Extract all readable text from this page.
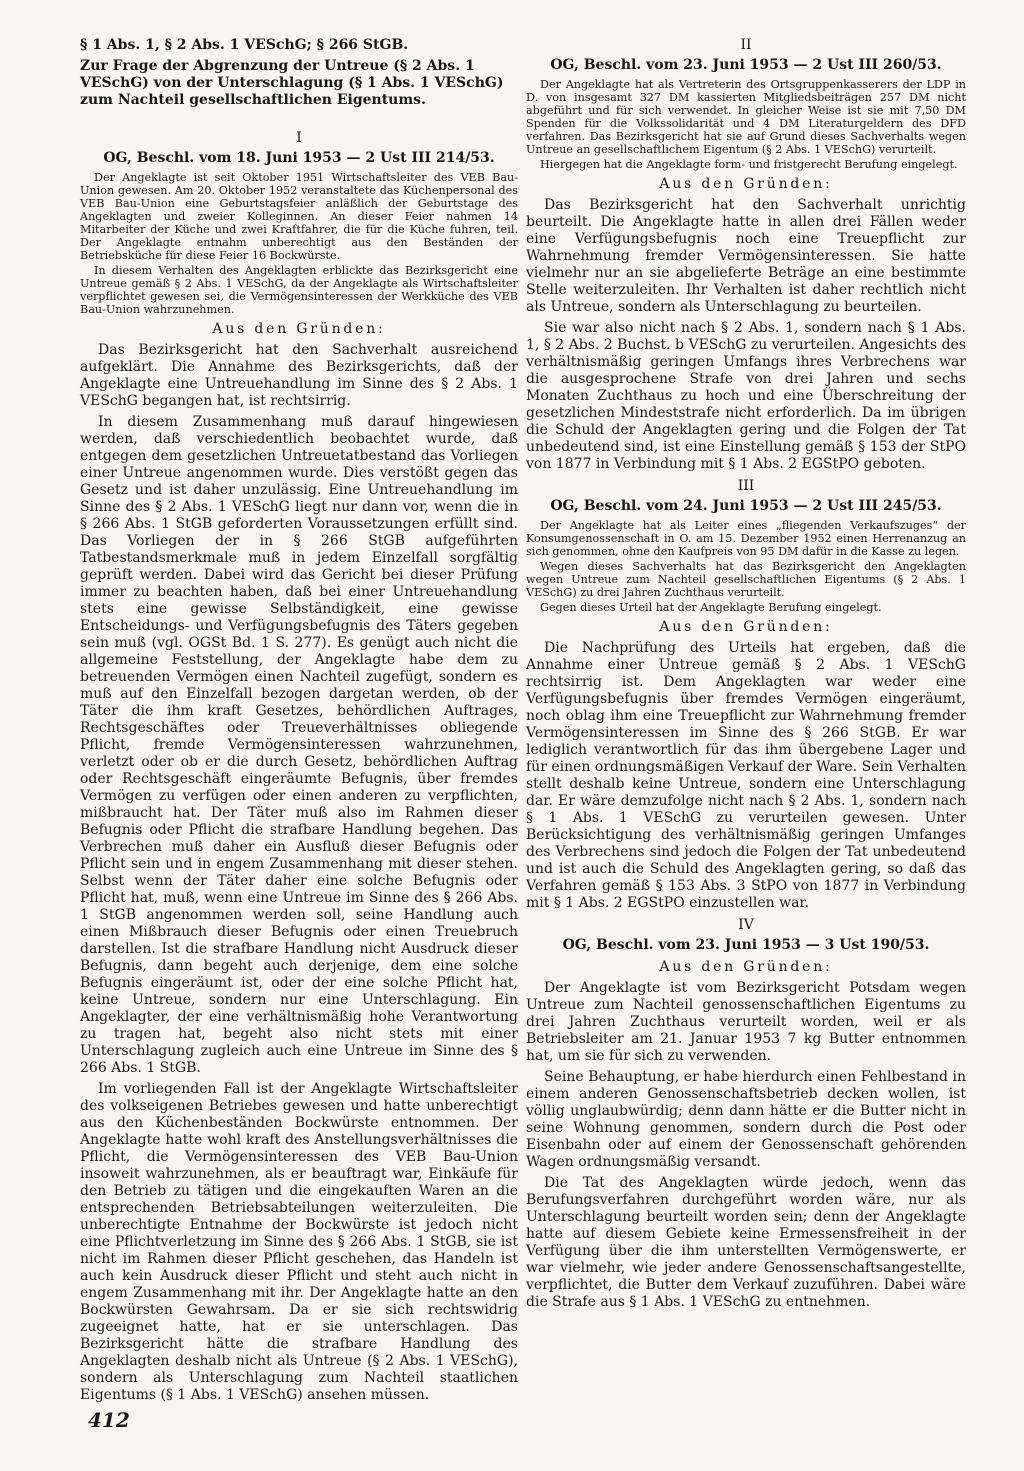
§ 1 Abs. 1, § 2 Abs. 1 VESchG; § 266 StGB.

Zur Frage der Abgrenzung der Untreue (§ 2 Abs. 1 VESchG) von der Unterschlagung (§ 1 Abs. 1 VESchG) zum Nachteil gesellschaftlichen Eigentums.

I

OG, Beschl. vom 18. Juni 1953 — 2 Ust III 214/53.

Der Angeklagte ist seit Oktober 1951 Wirtschaftsleiter des VEB Bau-Union gewesen. Am 20. Oktober 1952 veranstaltete das Küchenpersonal des VEB Bau-Union eine Geburtstagsfeier anläßlich der Geburtstage des Angeklagten und zweier Kolleginnen. An dieser Feier nahmen 14 Mitarbeiter der Küche und zwei Kraftfahrer, die für die Küche fuhren, teil. Der Angeklagte entnahm unberechtigt aus den Beständen der Betriebsküche für diese Feier 16 Bockwürste.

In diesem Verhalten des Angeklagten erblickte das Bezirksgericht eine Untreue gemäß § 2 Abs. 1 VESchG, da der Angeklagte als Wirtschaftsleiter verpflichtet gewesen sei, die Vermögensinteressen der Werkküche des VEB Bau-Union wahrzunehmen.

Aus den Gründen:

Das Bezirksgericht hat den Sachverhalt ausreichend aufgeklärt. Die Annahme des Bezirksgerichts, daß der Angeklagte eine Untreuehandlung im Sinne des § 2 Abs. 1 VESchG begangen hat, ist rechtsirrig.

In diesem Zusammenhang muß darauf hingewiesen werden, daß verschiedentlich beobachtet wurde, daß entgegen dem gesetzlichen Untreuetatbestand das Vorliegen einer Untreue angenommen wurde. Dies verstößt gegen das Gesetz und ist daher unzulässig. Eine Untreuehandlung im Sinne des § 2 Abs. 1 VESchG liegt nur dann vor, wenn die in § 266 Abs. 1 StGB geforderten Voraussetzungen erfüllt sind. Das Vorliegen der in § 266 StGB aufgeführten Tatbestandsmerkmale muß in jedem Einzelfall sorgfältig geprüft werden. Dabei wird das Gericht bei dieser Prüfung immer zu beachten haben, daß bei einer Untreuehandlung stets eine gewisse Selbständigkeit, eine gewisse Entscheidungs- und Verfügungsbefugnis des Täters gegeben sein muß (vgl. OGSt Bd. 1 S. 277). Es genügt auch nicht die allgemeine Feststellung, der Angeklagte habe dem zu betreuenden Vermögen einen Nachteil zugefügt, sondern es muß auf den Einzelfall bezogen dargetan werden, ob der Täter die ihm kraft Gesetzes, behördlichen Auftrages, Rechtsgeschäftes oder Treueverhältnisses obliegende Pflicht, fremde Vermögensinteressen wahrzunehmen, verletzt oder ob er die durch Gesetz, behördlichen Auftrag oder Rechtsgeschäft eingeräumte Befugnis, über fremdes Vermögen zu verfügen oder einen anderen zu verpflichten, mißbraucht hat. Der Täter muß also im Rahmen dieser Befugnis oder Pflicht die strafbare Handlung begehen. Das Verbrechen muß daher ein Ausfluß dieser Befugnis oder Pflicht sein und in engem Zusammenhang mit dieser stehen. Selbst wenn der Täter daher eine solche Befugnis oder Pflicht hat, muß, wenn eine Untreue im Sinne des § 266 Abs. 1 StGB angenommen werden soll, seine Handlung auch einen Mißbrauch dieser Befugnis oder einen Treuebruch darstellen. Ist die strafbare Handlung nicht Ausdruck dieser Befugnis, dann begeht auch derjenige, dem eine solche Befugnis eingeräumt ist, oder der eine solche Pflicht hat, keine Untreue, sondern nur eine Unterschlagung. Ein Angeklagter, der eine verhältnismäßig hohe Verantwortung zu tragen hat, begeht also nicht stets mit einer Unterschlagung zugleich auch eine Untreue im Sinne des § 266 Abs. 1 StGB.

Im vorliegenden Fall ist der Angeklagte Wirtschaftsleiter des volkseigenen Betriebes gewesen und hatte unberechtigt aus den Küchenbeständen Bockwürste entnommen. Der Angeklagte hatte wohl kraft des Anstellungsverhältnisses die Pflicht, die Vermögensinteressen des VEB Bau-Union insoweit wahrzunehmen, als er beauftragt war, Einkäufe für den Betrieb zu tätigen und die eingekauften Waren an die entsprechenden Betriebsabteilungen weiterzuleiten. Die unberechtigte Entnahme der Bockwürste ist jedoch nicht eine Pflichtverletzung im Sinne des § 266 Abs. 1 StGB, sie ist nicht im Rahmen dieser Pflicht geschehen, das Handeln ist auch kein Ausdruck dieser Pflicht und steht auch nicht in engem Zusammenhang mit ihr. Der Angeklagte hatte an den Bockwürsten Gewahrsam. Da er sie sich rechtswidrig zugeeignet hatte, hat er sie unterschlagen. Das Bezirksgericht hätte die strafbare Handlung des Angeklagten deshalb nicht als Untreue (§ 2 Abs. 1 VESchG), sondern als Unterschlagung zum Nachteil staatlichen Eigentums (§ 1 Abs. 1 VESchG) ansehen müssen.

II

OG, Beschl. vom 23. Juni 1953 — 2 Ust III 260/53.

Der Angeklagte hat als Vertreterin des Ortsgruppenkasserers der LDP in D. von insgesamt 327 DM kassierten Mitgliedsbeiträgen 257 DM nicht abgeführt und für sich verwendet. In gleicher Weise ist sie mit 7,50 DM Spenden für die Volkssolidarität und 4 DM Literaturgeldern des DFD verfahren. Das Bezirksgericht hat sie auf Grund dieses Sachverhalts wegen Untreue an gesellschaftlichem Eigentum (§ 2 Abs. 1 VESchG) verurteilt.

Hiergegen hat die Angeklagte form- und fristgerecht Berufung eingelegt.

Aus den Gründen:

Das Bezirksgericht hat den Sachverhalt unrichtig beurteilt. Die Angeklagte hatte in allen drei Fällen weder eine Verfügungsbefugnis noch eine Treuepflicht zur Wahrnehmung fremder Vermögensinteressen. Sie hatte vielmehr nur an sie abgelieferte Beträge an eine bestimmte Stelle weiterzuleiten. Ihr Verhalten ist daher rechtlich nicht als Untreue, sondern als Unterschlagung zu beurteilen.

Sie war also nicht nach § 2 Abs. 1, sondern nach § 1 Abs. 1, § 2 Abs. 2 Buchst. b VESchG zu verurteilen. Angesichts des verhältnismäßig geringen Umfangs ihres Verbrechens war die ausgesprochene Strafe von drei Jahren und sechs Monaten Zuchthaus zu hoch und eine Überschreitung der gesetzlichen Mindeststrafe nicht erforderlich. Da im übrigen die Schuld der Angeklagten gering und die Folgen der Tat unbedeutend sind, ist eine Einstellung gemäß § 153 der StPO von 1877 in Verbindung mit § 1 Abs. 2 EGStPO geboten.

III

OG, Beschl. vom 24. Juni 1953 — 2 Ust III 245/53.

Der Angeklagte hat als Leiter eines „fliegenden Verkaufszuges“ der Konsumgenossenschaft in O. am 15. Dezember 1952 einen Herrenanzug an sich genommen, ohne den Kaufpreis von 95 DM dafür in die Kasse zu legen.

Wegen dieses Sachverhalts hat das Bezirksgericht den Angeklagten wegen Untreue zum Nachteil gesellschaftlichen Eigentums (§ 2 Abs. 1 VESchG) zu drei Jahren Zuchthaus verurteilt.

Gegen dieses Urteil hat der Angeklagte Berufung eingelegt.

Aus den Gründen:

Die Nachprüfung des Urteils hat ergeben, daß die Annahme einer Untreue gemäß § 2 Abs. 1 VESchG rechtsirrig ist. Dem Angeklagten war weder eine Verfügungsbefugnis über fremdes Vermögen eingeräumt, noch oblag ihm eine Treuepflicht zur Wahrnehmung fremder Vermögensinteressen im Sinne des § 266 StGB. Er war lediglich verantwortlich für das ihm übergebene Lager und für einen ordnungsmäßigen Verkauf der Ware. Sein Verhalten stellt deshalb keine Untreue, sondern eine Unterschlagung dar. Er wäre demzufolge nicht nach § 2 Abs. 1, sondern nach § 1 Abs. 1 VESchG zu verurteilen gewesen. Unter Berücksichtigung des verhältnismäßig geringen Umfanges des Verbrechens sind jedoch die Folgen der Tat unbedeutend und ist auch die Schuld des Angeklagten gering, so daß das Verfahren gemäß § 153 Abs. 3 StPO von 1877 in Verbindung mit § 1 Abs. 2 EGStPO einzustellen war.

IV

OG, Beschl. vom 23. Juni 1953 — 3 Ust 190/53.

Aus den Gründen:

Der Angeklagte ist vom Bezirksgericht Potsdam wegen Untreue zum Nachteil genossenschaftlichen Eigentums zu drei Jahren Zuchthaus verurteilt worden, weil er als Betriebsleiter am 21. Januar 1953 7 kg Butter entnommen hat, um sie für sich zu verwenden.

Seine Behauptung, er habe hierdurch einen Fehlbestand in einem anderen Genossenschaftsbetrieb decken wollen, ist völlig unglaubwürdig; denn dann hätte er die Butter nicht in seine Wohnung genommen, sondern durch die Post oder Eisenbahn oder auf einem der Genossenschaft gehörenden Wagen ordnungsmäßig versandt.

Die Tat des Angeklagten würde jedoch, wenn das Berufungsverfahren durchgeführt worden wäre, nur als Unterschlagung beurteilt worden sein; denn der Angeklagte hatte auf diesem Gebiete keine Ermessensfreiheit in der Verfügung über die ihm unterstellten Vermögenswerte, er war vielmehr, wie jeder andere Genossenschaftsangestellte, verpflichtet, die Butter dem Verkauf zuzuführen. Dabei wäre die Strafe aus § 1 Abs. 1 VESchG zu entnehmen.

412
